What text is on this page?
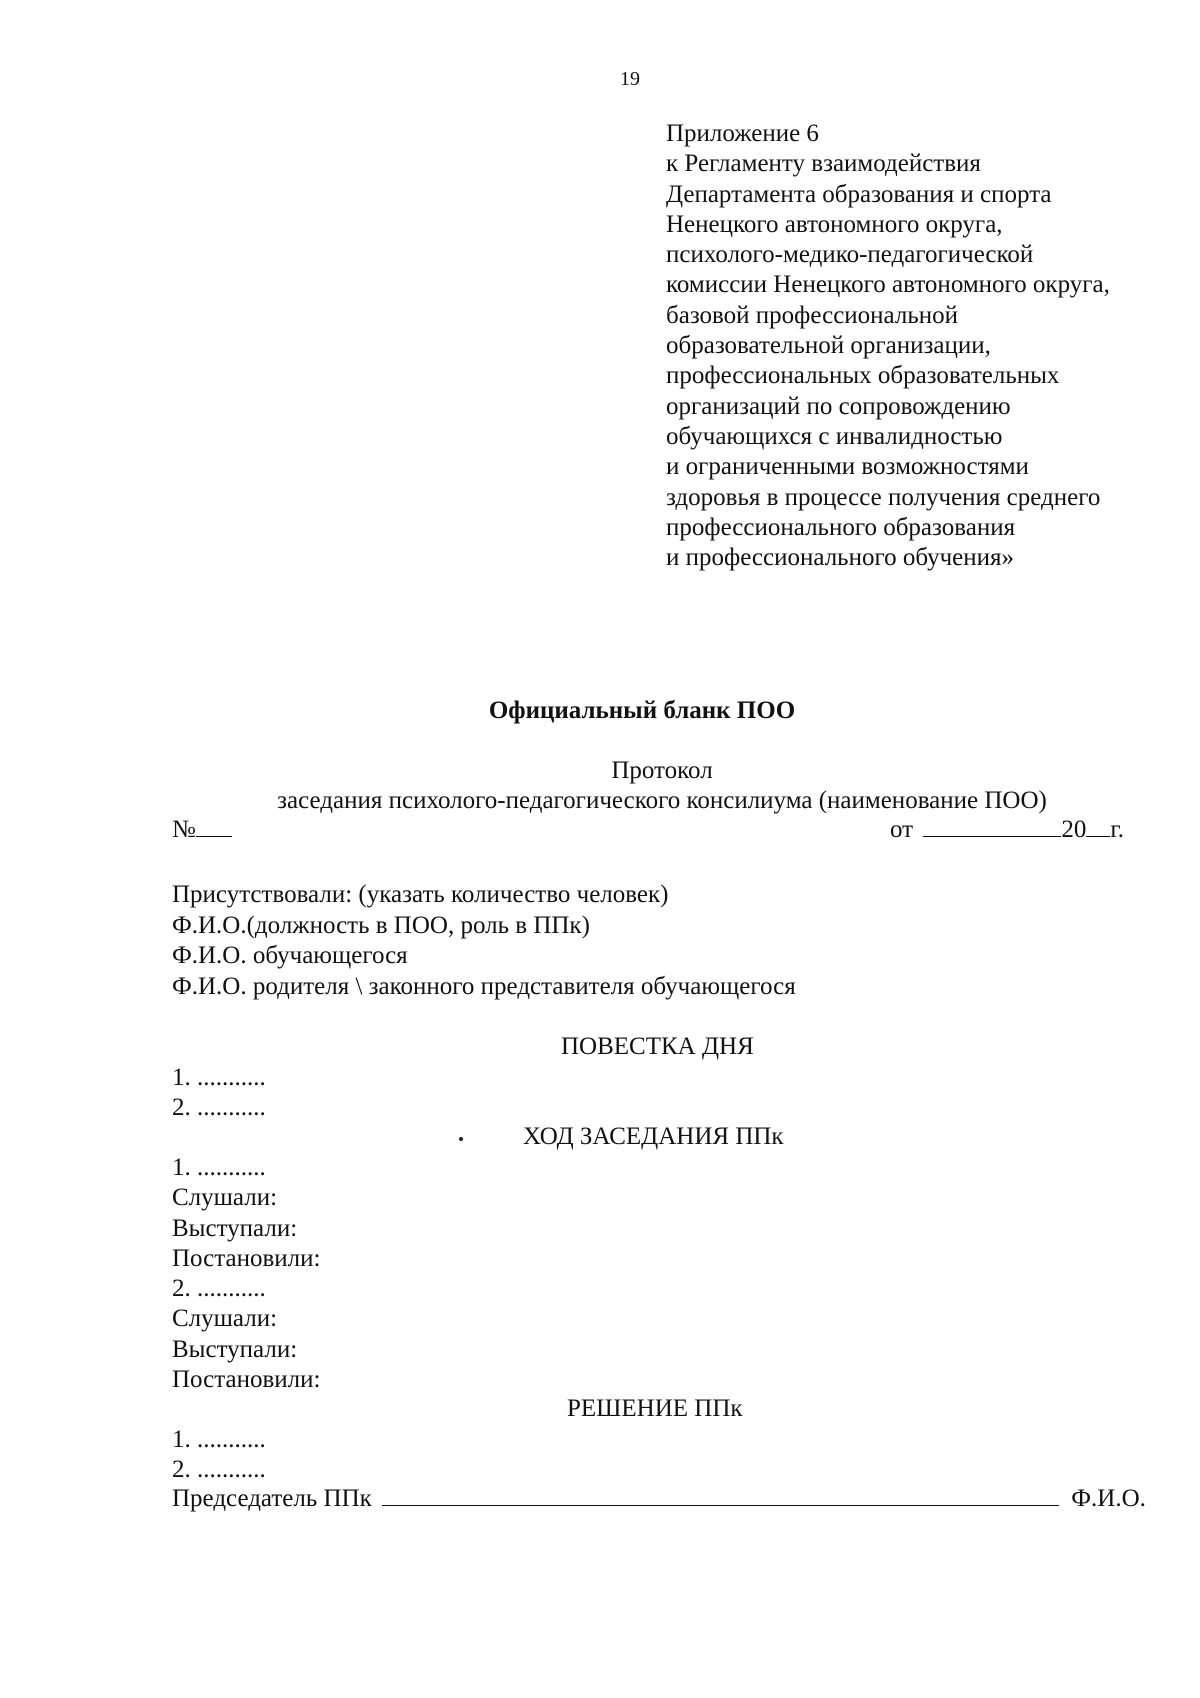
19
Приложение 6
к Регламенту взаимодействия
Департамента образования и спорта
Ненецкого автономного округа,
психолого-медико-педагогической
комиссии Ненецкого автономного округа,
базовой профессиональной
образовательной организации,
профессиональных образовательных
организаций по сопровождению
обучающихся с инвалидностью
и ограниченными возможностями
здоровья в процессе получения среднего
профессионального образования
и профессионального обучения»
Официальный бланк ПОО
Протокол
заседания психолого-педагогического консилиума (наименование ПОО)
№	от	20 г.
Присутствовали: (указать количество человек)
Ф.И.О.(должность в ПОО, роль в ППк)
Ф.И.О. обучающегося
Ф.И.О. родителя \ законного представителя обучающегося
ПОВЕСТКА ДНЯ
1. ...........
2. ...........
ХОД ЗАСЕДАНИЯ ППк
1. ...........
Слушали:
Выступали:
Постановили:
2. ...........
Слушали:
Выступали:
Постановили:
РЕШЕНИЕ ППк
1. ...........
2. ...........
Председатель ППк	Ф.И.О.
